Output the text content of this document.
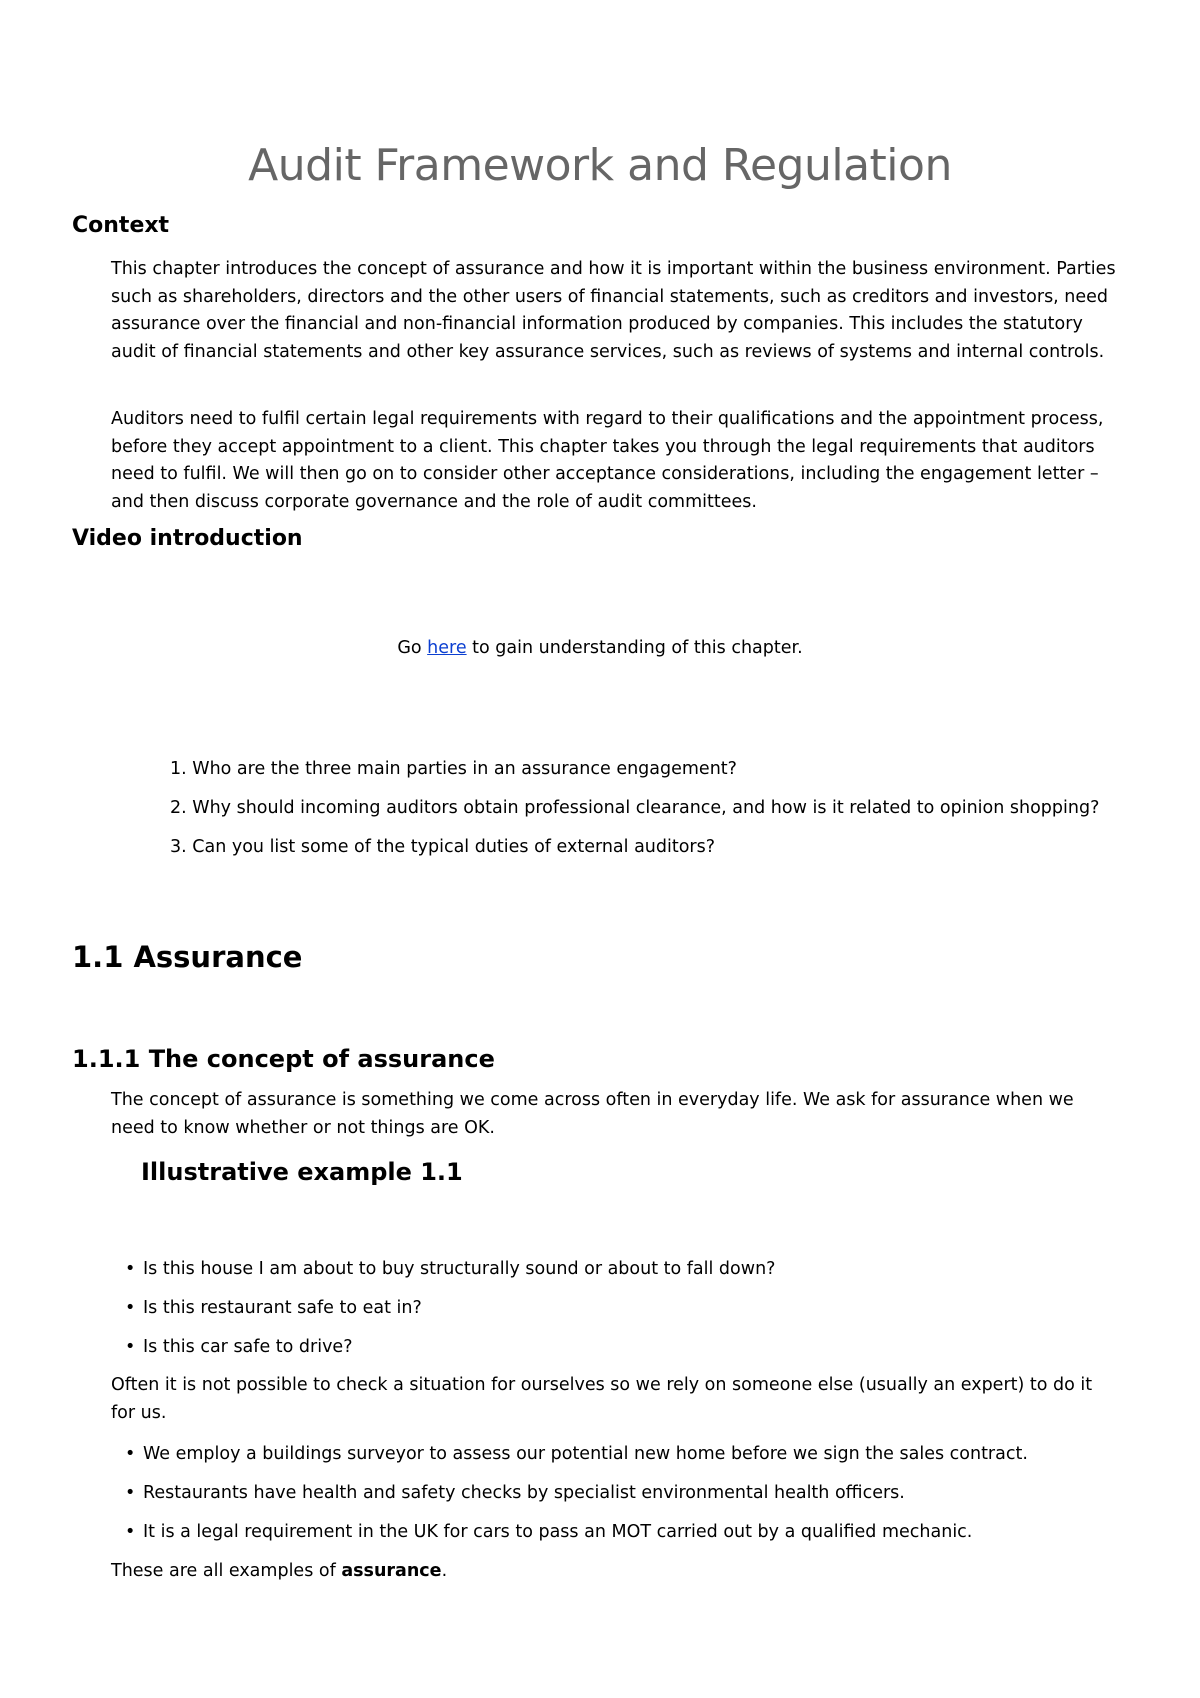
Audit Framework and Regulation
Context

This chapter introduces the concept of assurance and how it is important within the business environment. Parties such as shareholders, directors and the other users of financial statements, such as creditors and investors, need assurance over the financial and non-financial information produced by companies. This includes the statutory audit of financial statements and other key assurance services, such as reviews of systems and internal controls.

Auditors need to fulfil certain legal requirements with regard to their qualifications and the appointment process, before they accept appointment to a client. This chapter takes you through the legal requirements that auditors need to fulfil. We will then go on to consider other acceptance considerations, including the engagement letter – and then discuss corporate governance and the role of audit committees.

Video introduction
Go here to gain understanding of this chapter.
1. Who are the three main parties in an assurance engagement?
2. Why should incoming auditors obtain professional clearance, and how is it related to opinion shopping?
3. Can you list some of the typical duties of external auditors?
1.1 Assurance
1.1.1 The concept of assurance

The concept of assurance is something we come across often in everyday life. We ask for assurance when we need to know whether or not things are OK.

Illustrative example 1.1
• Is this house I am about to buy structurally sound or about to fall down?
• Is this restaurant safe to eat in?
• Is this car safe to drive?

Often it is not possible to check a situation for ourselves so we rely on someone else (usually an expert) to do it for us.

• We employ a buildings surveyor to assess our potential new home before we sign the sales contract.
• Restaurants have health and safety checks by specialist environmental health officers.
• It is a legal requirement in the UK for cars to pass an MOT carried out by a qualified mechanic.
These are all examples of assurance.
